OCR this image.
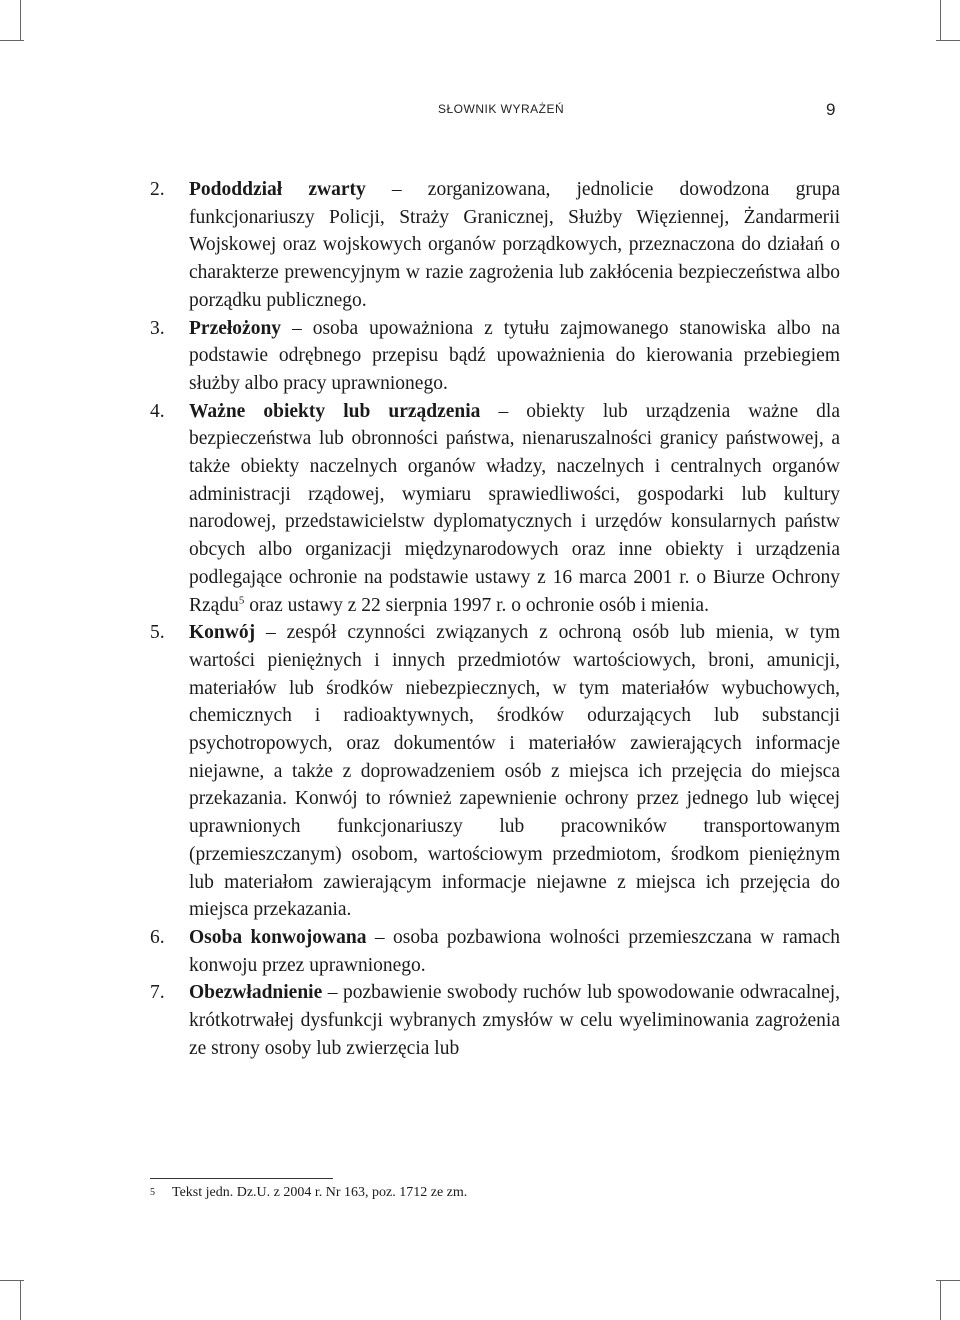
SŁOWNIK WYRAŻEŃ	9
2.	Pododdział zwarty – zorganizowana, jednolicie dowodzona grupa funkcjonariuszy Policji, Straży Granicznej, Służby Więziennej, Żandarmerii Wojskowej oraz wojskowych organów porządkowych, przeznaczona do działań o charakterze prewencyjnym w razie zagrożenia lub zakłócenia bezpieczeństwa albo porządku publicznego.
3.	Przełożony – osoba upoważniona z tytułu zajmowanego stanowiska albo na podstawie odrębnego przepisu bądź upoważnienia do kierowania przebiegiem służby albo pracy uprawnionego.
4.	Ważne obiekty lub urządzenia – obiekty lub urządzenia ważne dla bezpieczeństwa lub obronności państwa, nienaruszalności granicy państwowej, a także obiekty naczelnych organów władzy, naczelnych i centralnych organów administracji rządowej, wymiaru sprawiedliwości, gospodarki lub kultury narodowej, przedstawicielstw dyplomatycznych i urzędów konsularnych państw obcych albo organizacji międzynarodowych oraz inne obiekty i urządzenia podlegające ochronie na podstawie ustawy z 16 marca 2001 r. o Biurze Ochrony Rządu$^5$ oraz ustawy z 22 sierpnia 1997 r. o ochronie osób i mienia.
5.	Konwój – zespół czynności związanych z ochroną osób lub mienia, w tym wartości pieniężnych i innych przedmiotów wartościowych, broni, amunicji, materiałów lub środków niebezpiecznych, w tym materiałów wybuchowych, chemicznych i radioaktywnych, środków odurzających lub substancji psychotropowych, oraz dokumentów i materiałów zawierających informacje niejawne, a także z doprowadzeniem osób z miejsca ich przejęcia do miejsca przekazania. Konwój to również zapewnienie ochrony przez jednego lub więcej uprawnionych funkcjonariuszy lub pracowników transportowanym (przemieszczanym) osobom, wartościowym przedmiotom, środkom pieniężnym lub materiałom zawierającym informacje niejawne z miejsca ich przejęcia do miejsca przekazania.
6.	Osoba konwojowana – osoba pozbawiona wolności przemieszczana w ramach konwoju przez uprawnionego.
7.	Obezwładnienie – pozbawienie swobody ruchów lub spowodowanie odwracalnej, krótkotrwałej dysfunkcji wybranych zmysłów w celu wyeliminowania zagrożenia ze strony osoby lub zwierzęcia lub
5 Tekst jedn. Dz.U. z 2004 r. Nr 163, poz. 1712 ze zm.
